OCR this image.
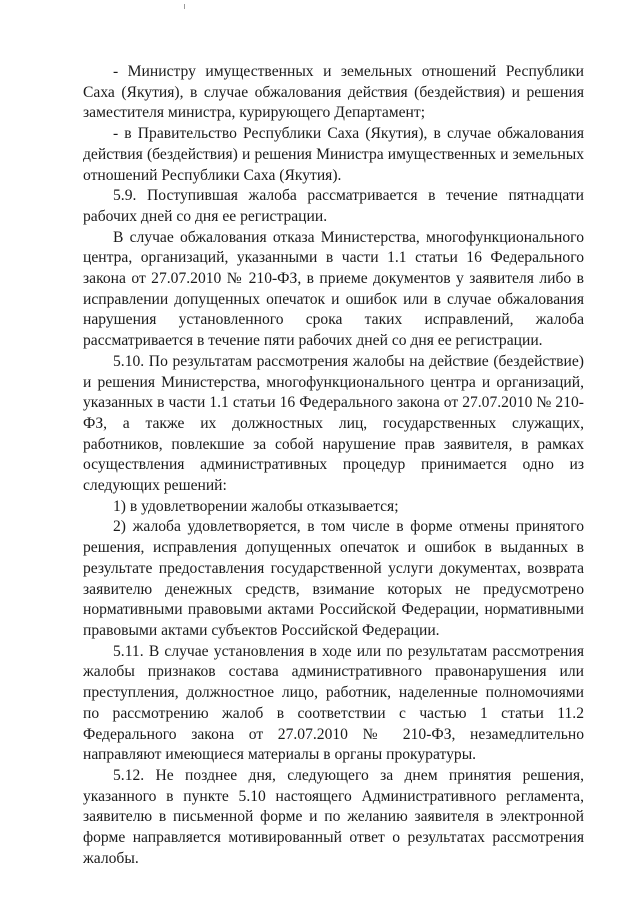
- Министру имущественных и земельных отношений Республики Саха (Якутия), в случае обжалования действия (бездействия) и решения заместителя министра, курирующего Департамент;

- в Правительство Республики Саха (Якутия), в случае обжалования действия (бездействия) и решения Министра имущественных и земельных отношений Республики Саха (Якутия).

5.9. Поступившая жалоба рассматривается в течение пятнадцати рабочих дней со дня ее регистрации.

В случае обжалования отказа Министерства, многофункционального центра, организаций, указанными в части 1.1 статьи 16 Федерального закона от 27.07.2010 № 210-ФЗ, в приеме документов у заявителя либо в исправлении допущенных опечаток и ошибок или в случае обжалования нарушения установленного срока таких исправлений, жалоба рассматривается в течение пяти рабочих дней со дня ее регистрации.

5.10. По результатам рассмотрения жалобы на действие (бездействие) и решения Министерства, многофункционального центра и организаций, указанных в части 1.1 статьи 16 Федерального закона от 27.07.2010 № 210-ФЗ, а также их должностных лиц, государственных служащих, работников, повлекшие за собой нарушение прав заявителя, в рамках осуществления административных процедур принимается одно из следующих решений:

1) в удовлетворении жалобы отказывается;

2) жалоба удовлетворяется, в том числе в форме отмены принятого решения, исправления допущенных опечаток и ошибок в выданных в результате предоставления государственной услуги документах, возврата заявителю денежных средств, взимание которых не предусмотрено нормативными правовыми актами Российской Федерации, нормативными правовыми актами субъектов Российской Федерации.

5.11. В случае установления в ходе или по результатам рассмотрения жалобы признаков состава административного правонарушения или преступления, должностное лицо, работник, наделенные полномочиями по рассмотрению жалоб в соответствии с частью 1 статьи 11.2 Федерального закона от 27.07.2010 № 210-ФЗ, незамедлительно направляют имеющиеся материалы в органы прокуратуры.

5.12. Не позднее дня, следующего за днем принятия решения, указанного в пункте 5.10 настоящего Административного регламента, заявителю в письменной форме и по желанию заявителя в электронной форме направляется мотивированный ответ о результатах рассмотрения жалобы.
